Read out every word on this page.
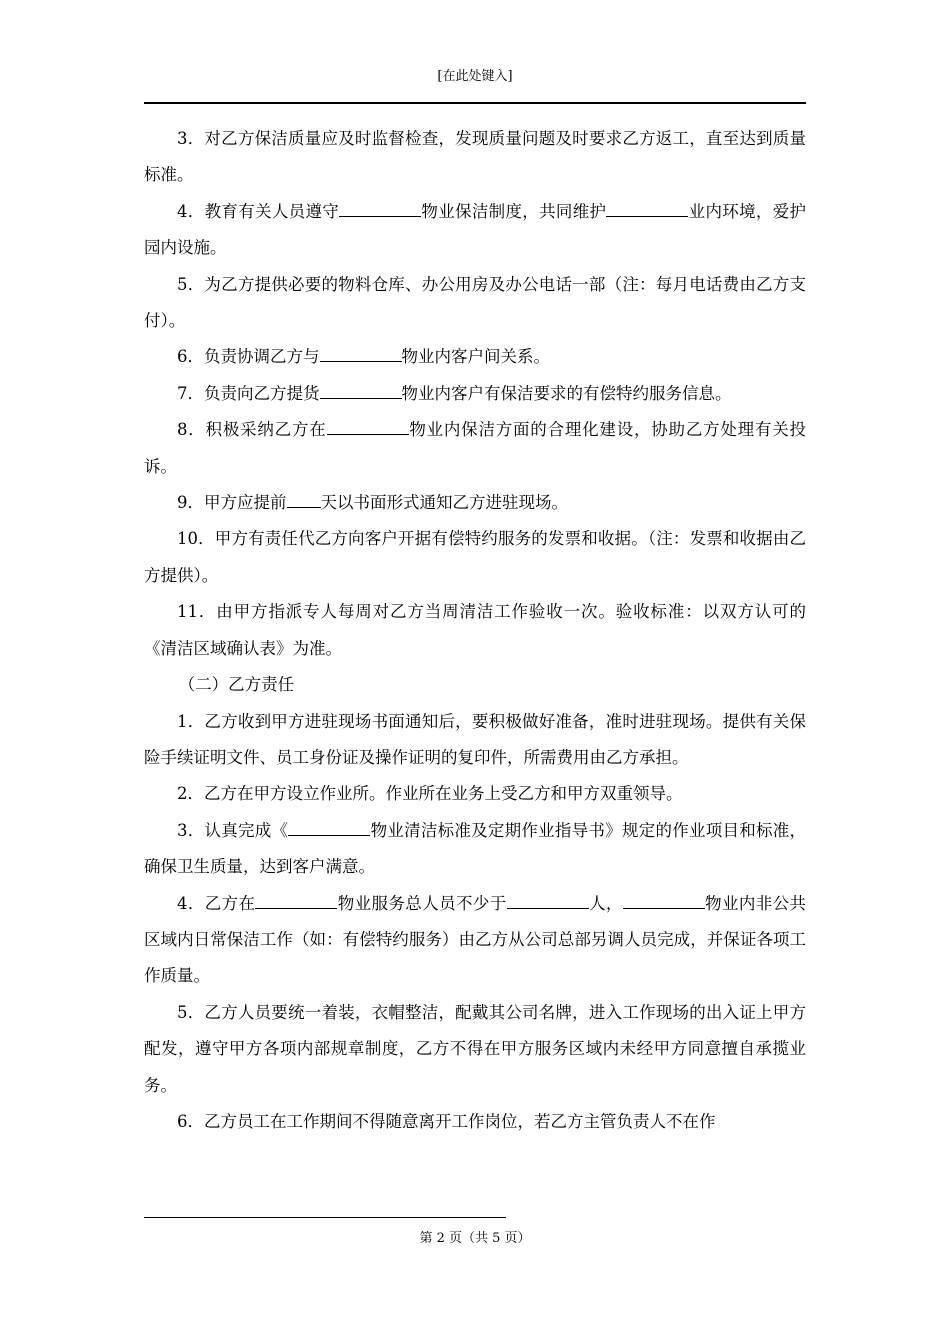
[在此处键入]

3．对乙方保洁质量应及时监督检查，发现质量问题及时要求乙方返工，直至达到质量标准。

4．教育有关人员遵守	物业保洁制度，共同维护	业内环境，爱护园内设施。

5．为乙方提供必要的物料仓库、办公用房及办公电话一部（注：每月电话费由乙方支付）。

6．负责协调乙方与	物业内客户间关系。

7．负责向乙方提货	物业内客户有保洁要求的有偿特约服务信息。

8．积极采纳乙方在	物业内保洁方面的合理化建设，协助乙方处理有关投诉。

9．甲方应提前 天以书面形式通知乙方进驻现场。

10．甲方有责任代乙方向客户开据有偿特约服务的发票和收据。（注：发票和收据由乙方提供）。

11．由甲方指派专人每周对乙方当周清洁工作验收一次。验收标准：以双方认可的《清洁区域确认表》为准。

（二）乙方责任

1．乙方收到甲方进驻现场书面通知后，要积极做好准备，准时进驻现场。提供有关保险手续证明文件、员工身份证及操作证明的复印件，所需费用由乙方承担。

2．乙方在甲方设立作业所。作业所在业务上受乙方和甲方双重领导。

3．认真完成《	物业清洁标准及定期作业指导书》规定的作业项目和标准，确保卫生质量，达到客户满意。

4．乙方在	物业服务总人员不少于	人，	物业内非公共区域内日常保洁工作（如：有偿特约服务）由乙方从公司总部另调人员完成，并保证各项工作质量。

5．乙方人员要统一着装，衣帽整洁，配戴其公司名牌，进入工作现场的出入证上甲方配发，遵守甲方各项内部规章制度，乙方不得在甲方服务区域内未经甲方同意擅自承揽业务。

6．乙方员工在工作期间不得随意离开工作岗位，若乙方主管负责人不在作

第 2 页（共 5 页）
